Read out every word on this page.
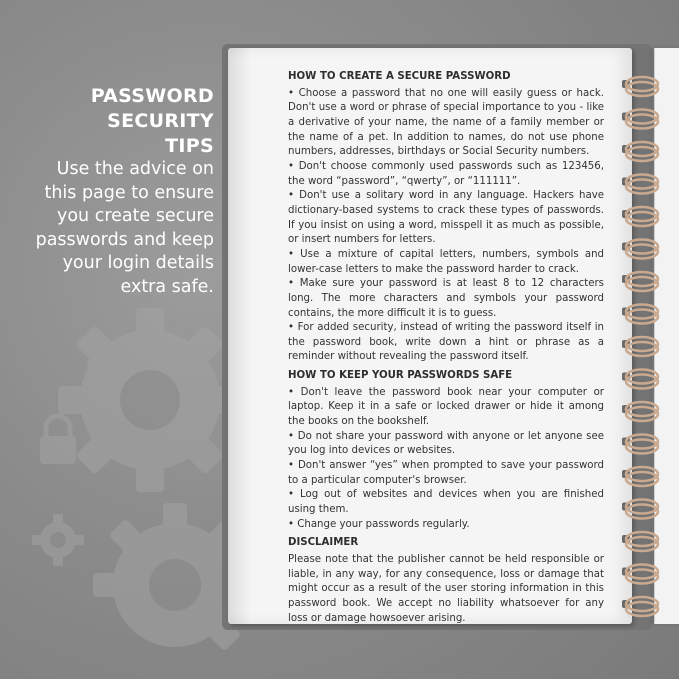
PASSWORD
SECURITY
TIPS

Use the advice on
this page to ensure
you create secure
passwords and keep
your login details
extra safe.

HOW TO CREATE A SECURE PASSWORD

• Choose a password that no one will easily guess or hack. Don't use a word or phrase of special importance to you - like a derivative of your name, the name of a family member or the name of a pet. In addition to names, do not use phone numbers, addresses, birthdays or Social Security numbers.

• Don't choose commonly used passwords such as 123456, the word “password”, “qwerty”, or “111111”.

• Don't use a solitary word in any language. Hackers have dictionary-based systems to crack these types of passwords. If you insist on using a word, misspell it as much as possible, or insert numbers for letters.

• Use a mixture of capital letters, numbers, symbols and lower-case letters to make the password harder to crack.

• Make sure your password is at least 8 to 12 characters long. The more characters and symbols your password contains, the more difficult it is to guess.

• For added security, instead of writing the password itself in the password book, write down a hint or phrase as a reminder without revealing the password itself.

HOW TO KEEP YOUR PASSWORDS SAFE

• Don't leave the password book near your computer or laptop. Keep it in a safe or locked drawer or hide it among the books on the bookshelf.

• Do not share your password with anyone or let anyone see you log into devices or websites.

• Don't answer “yes” when prompted to save your password to a particular computer's browser.

• Log out of websites and devices when you are finished using them.

• Change your passwords regularly.

DISCLAIMER

Please note that the publisher cannot be held responsible or liable, in any way, for any consequence, loss or damage that might occur as a result of the user storing information in this password book. We accept no liability whatsoever for any loss or damage howsoever arising.
